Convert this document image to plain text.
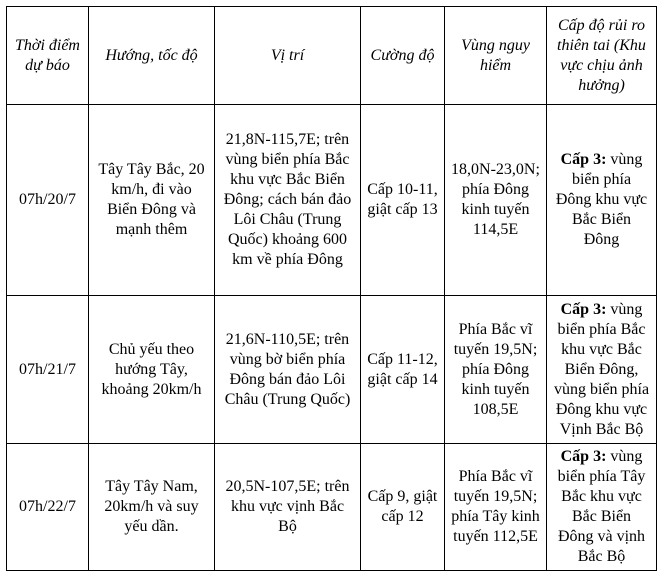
Thời điểm dự báo	Hướng, tốc độ	Vị trí	Cường độ	Vùng nguy hiểm	Cấp độ rủi ro thiên tai (Khu vực chịu ảnh hưởng)
07h/20/7	Tây Tây Bắc, 20 km/h, đi vào Biển Đông và mạnh thêm	21,8N-115,7E; trên vùng biển phía Bắc khu vực Bắc Biển Đông; cách bán đảo Lôi Châu (Trung Quốc) khoảng 600 km về phía Đông	Cấp 10-11, giật cấp 13	18,0N-23,0N; phía Đông kinh tuyến 114,5E	Cấp 3: vùng biển phía Đông khu vực Bắc Biển Đông
07h/21/7	Chủ yếu theo hướng Tây, khoảng 20km/h	21,6N-110,5E; trên vùng bờ biển phía Đông bán đảo Lôi Châu (Trung Quốc)	Cấp 11-12, giật cấp 14	Phía Bắc vĩ tuyến 19,5N; phía Đông kinh tuyến 108,5E	Cấp 3: vùng biển phía Bắc khu vực Bắc Biển Đông, vùng biển phía Đông khu vực Vịnh Bắc Bộ
07h/22/7	Tây Tây Nam, 20km/h và suy yếu dần.	20,5N-107,5E; trên khu vực vịnh Bắc Bộ	Cấp 9, giật cấp 12	Phía Bắc vĩ tuyến 19,5N; phía Tây kinh tuyến 112,5E	Cấp 3: vùng biển phía Tây Bắc khu vực Bắc Biển Đông và vịnh Bắc Bộ
